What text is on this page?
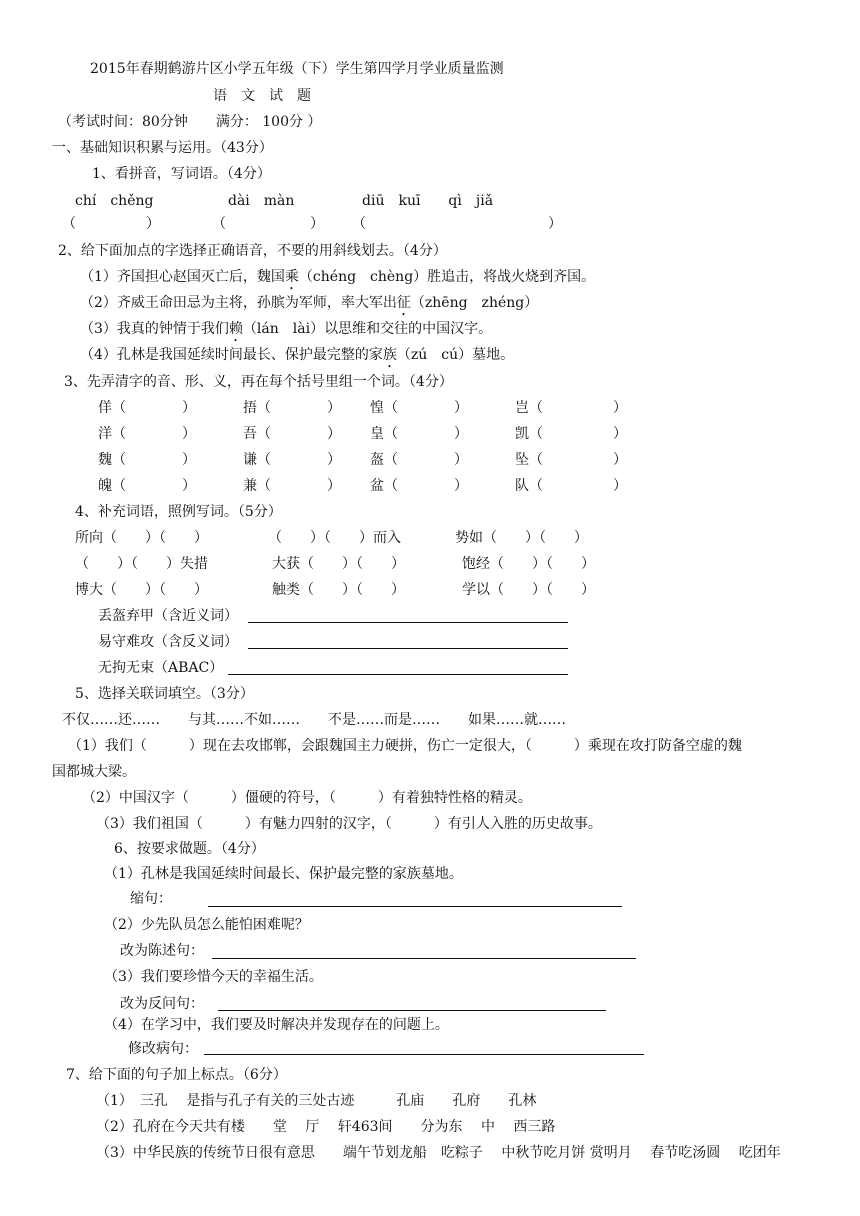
2015年春期鹤游片区小学五年级（下）学生第四学月学业质量监测
语　文　试　题
（考试时间：80分钟　　满分： 100分 ）
一、基础知识积累与运用。（43分）
1、看拼音，写词语。（4分）
chí　chěng	dài　màn	diū　kuī　　qì　jiǎ
（　　　　　）	（　　　　　　） （　　　　　　　　　　　　　）
2、给下面加点的字选择正确语音，不要的用斜线划去。（4分）
（1）齐国担心赵国灭亡后，魏国乘（chéng　chèng）胜追击，将战火烧到齐国。
（2）齐威王命田忌为主将，孙膑为军师，率大军出征（zhēng　zhéng）
（3）我真的钟情于我们赖（lán　lài）以思维和交往的中国汉字。
（4）孔林是我国延续时间最长、保护最完整的家族（zú　cú）墓地。
3、先弄清字的音、形、义，再在每个括号里组一个词。（4分）
佯（　　　　）	捂（　　　　） 惶（　　　　）	岂（　　　　　）
洋（　　　　）	吾（　　　　） 皇（　　　　）	凯（　　　　　）
魏（　　　　）	谦（　　　　） 盔（　　　　）	坠（　　　　　）
魄（　　　　）	兼（　　　　） 盆（　　　　）	队（　　　　　）
4、补充词语，照例写词。（5分）
所向（　　）（　　）	（　　）（　　）而入	势如（　　）（　　）
（　　）（　　）失措	大获（　　）（　　）	饱经（　　）（　　）
博大（　　）（　　）	触类（　　）（　　）	学以（　　）（　　）
丢盔弃甲（含近义词）
易守难攻（含反义词）
无拘无束（ABAC）
5、选择关联词填空。（3分）
不仅……还……　　与其……不如……　　不是……而是……　　如果……就……
（1）我们（　　　）现在去攻邯郸，会跟魏国主力硬拼，伤亡一定很大，（　　　）乘现在攻打防备空虚的魏
国都城大梁。
（2）中国汉字（　　　）僵硬的符号，（　　　）有着独特性格的精灵。
（3）我们祖国（　　　）有魅力四射的汉字，（　　　）有引人入胜的历史故事。
6、按要求做题。（4分）
（1）孔林是我国延续时间最长、保护最完整的家族墓地。
缩句：
（2）少先队员怎么能怕困难呢？
改为陈述句：
（3）我们要珍惜今天的幸福生活。
改为反问句：
（4）在学习中，我们要及时解决并发现存在的问题上。
修改病句：
7、给下面的句子加上标点。（6分）
（1）　三孔　 是指与孔子有关的三处古迹　　　孔庙　　孔府　　孔林
（2）孔府在今天共有楼　　堂　 厅　 轩463间　　分为东　 中　 西三路
（3）中华民族的传统节日很有意思　　端午节划龙船　吃粽子　 中秋节吃月饼 赏明月　 春节吃汤圆　 吃团年
